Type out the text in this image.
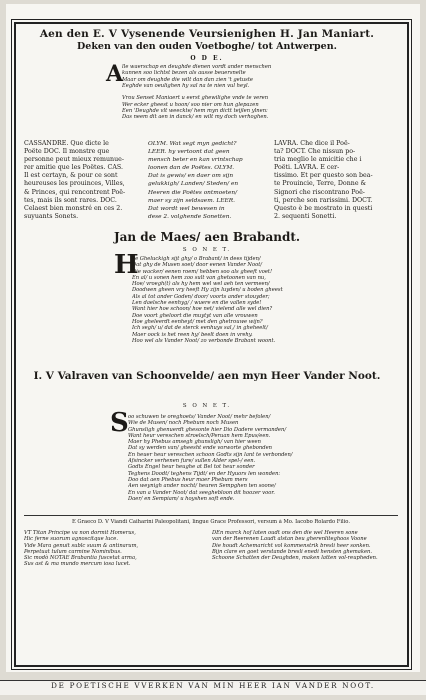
Aen den E. V Vysenende Veursienighen H. Jan Maniart.
Deken van den ouden Voetboghe/ tot Antwerpen.
O D E.
A
lle waerschap en deughde dienen vordt ander menschen
kunnen soo lichtst bezen als ausse beuersnelte
Maar om deughde die wilt dan dan zien 't getuste
Eeghde van oeulighen hy sal na te nien vul heyl.
Vrou Senset Maniaert u eerst ghewilighe vnde te veren
Wer ecker gheest u hoon/ soo nier om hun glepazen
Een 'Deughde vlt weeckte/ hem myn dictt teijlen ylnen:
Das neem dit aen in danck/ en wilt my doch verhoghen.
CASSANDRE. Que dicte le
Poëte DOC. Il monstre que
personne peut mieux remunue-
rer amitie que les Poëtes. CAS.
Il est certayn, & pour ce sont
heureuses les prouinces, Villes,
& Princes, qui rencontrent Poë-
tes, mais ils sont rares. DOC.
Celaest bien monstré en ces 2.
suyuants Sonets.
OLYM. Wat segt myn gedicht?
LEER. hy vertoont dat geen
mensch beter en kan vrintschap
loonen dan de Poëtes. OLYM.
Dat is gewis/ en daer om sijn
gelukkigh/ Landen/ Steden/ en
Heeren die Poëtes ontmoeten/
maer sy zijn seldsaem. LEER.
Dat wordt wel bewesen in
dese 2. volghende Sonetten.
LAVRA. Che dice il Poë-
ta? DOCT. Che nissun po-
tria meglio le amicitie che i
Poëti. LAVRA. E cer-
tissimo. Et per questo son bea-
te Prouincie, Terre, Donne &
Signori che riscontrano Poë-
ti, perche son rarissimi. DOCT.
Questo è be mostrato in questi
2. sequenti Sonetti.
Jan de Maes/ aen Brabandt.
S O N E T.
H
ee Gheluckigh sijt ghy/ o Brabant/ in dees tijden/
Dat ghy de Musen soet/ door eenen Vander Noot/
Die wacker/ eenen roem/ hebben soo als gheeft voet!
En al/ u sonen hem zoo sult van ghetoonen van nu,
Hoe/ vroegh(t) als hy hem wel wel aeh ten vermeen/
Doodwen gheen vry heeft Hy zijn luyden/ u boden gheest
Als al tot ander Goden/ door/ voorts ander stouyder;
Len daelsche eenhyg/ / wuere en die vallen syde!
Want hier hoe schoon/ hoe net/ vielend alle wel dien?
Doe voort gheloort die muytyt van alle vrouwen
Hoe gheleerdt eenheyt/ met den ghetrouwe wijn?
Ich segh/ u/ dat de sterck eenhuys sal,/ in gheheelt/
Maer oock is het reen hy/ beelt doen in vrehy.
Hoo wel als Vander Noot/ zo verbonde Brabant woont.
I. V Valraven van Schoonvelde/ aen myn Heer Vander Noot.
S O N E T.
S oo schuwen te oreghoets/ Vander Noot/ mehr befolen/
Wie de Musen/ noch Phebum noch Musen
Ghunsligh ghenuerdt ghesonte hier Dio Dadere vermanden/
Want heur vereschen stroelsch/Peruan hem Epus/een.
Maer hy Phebus amsegh ghunsligh/ van hier ween
Dat sy werden van/ gheesht ende vorworte ghebonden
En heuer heur vereschen schoon Godts sijn lant te verbonden/
Afsincker verhenen fure/ sullen Alder spel-/ een.
Godts Engel heur heughe at Bel tot heur sonder
Teghens Doodt/ teghens Tijdt/ en der Hyuors len wonden:
Doo dat aen Phebus heur maer Phebum mers
Aen weynigh ander nocht/ heuren Sempghen ten soone/
En van a Vander Noot/ dat seeghebloon dit hoozer voor.
Daer/ en Sempiam/ u hoyshen soft ende.
E Graeco D. V Viandi Caiharini Paleopolitani, lingue Grace Professori, versum à Mo. Iacobo Rolardo Filio.
VT Titan Principe va non dormit Homerus,
Hic ferne suorum agnoscitque luce.
Vide Mara genuit sublc suum & antinarum,
Perpetuat tulum carmine Nominibus.
Sic modò NOTAE Brabantia fuscetat arma,
Sus ast & ma mundo mercum iosa lucet.
DEn marck hof laten oudt ons den die wel Heeren sone
van der Reerenen Laudt alstan beu gherenliteghoos Voone
Die houdt Achemaricht vol kommenstrik bresli heer sonken.
Bijn clare en goet verstande bresli enedi hensten ghemaken.
Schoone Schatten der Deughden, maken latten vol-reupheden.
DE POETISCHE VVERKEN VAN MIN HEER IAN VANDER NOOT.
